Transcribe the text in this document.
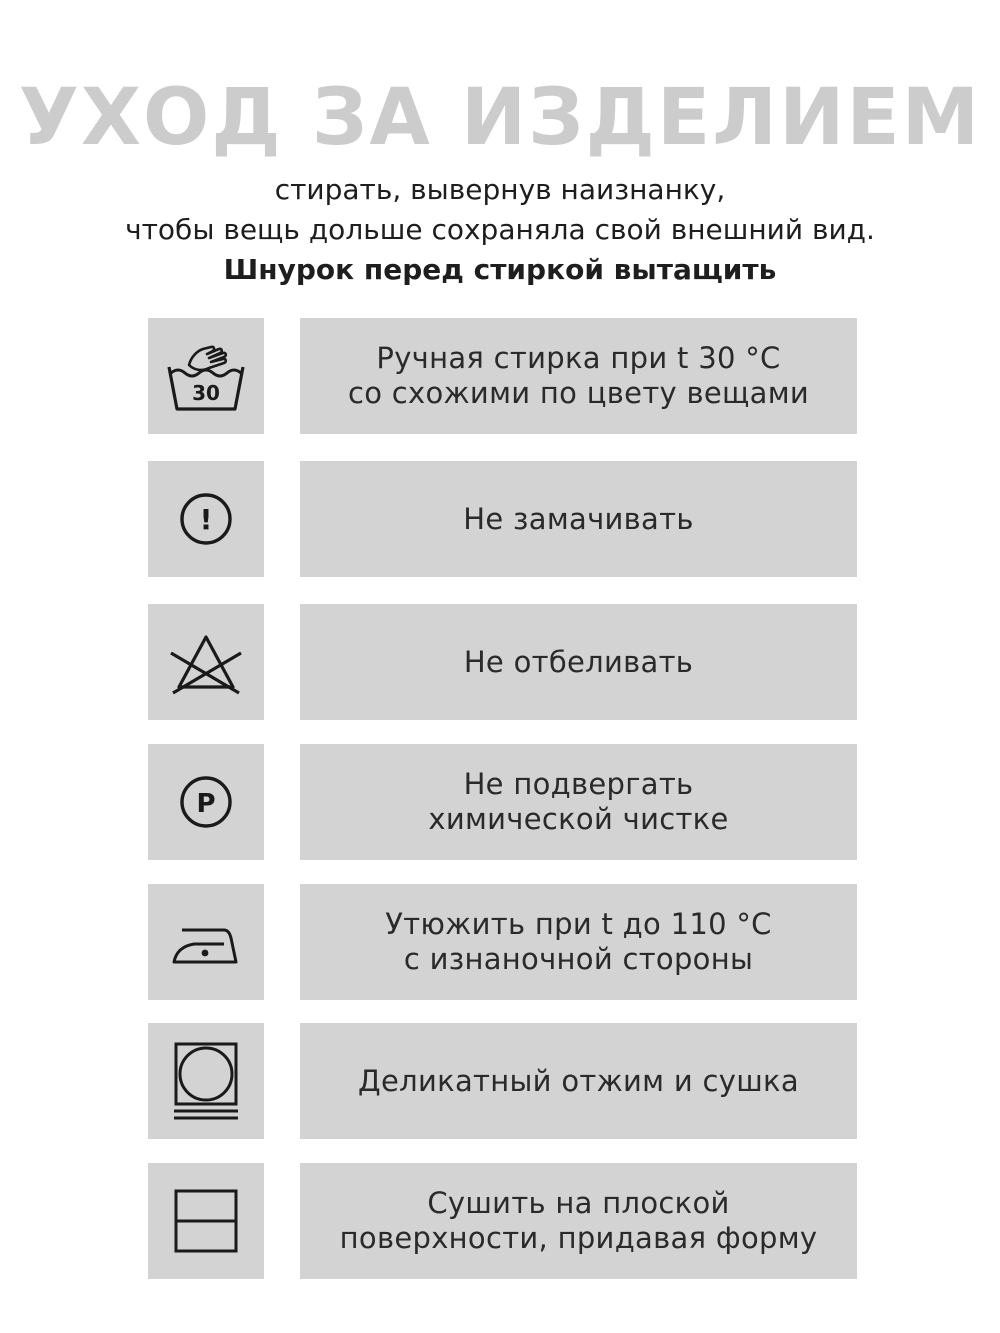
УХОД ЗА ИЗДЕЛИЕМ
стирать, вывернув наизнанку,
чтобы вещь дольше сохраняла свой внешний вид.
Шнурок перед стиркой вытащить
30
Ручная стирка при t 30 °С
со схожими по цвету вещами
!	Не замачивать
Не отбеливать
P
Не подвергать
химической чистке
Утюжить при t до 110 °С
с изнаночной стороны
Деликатный отжим и сушка
Сушить на плоской
поверхности, придавая форму
